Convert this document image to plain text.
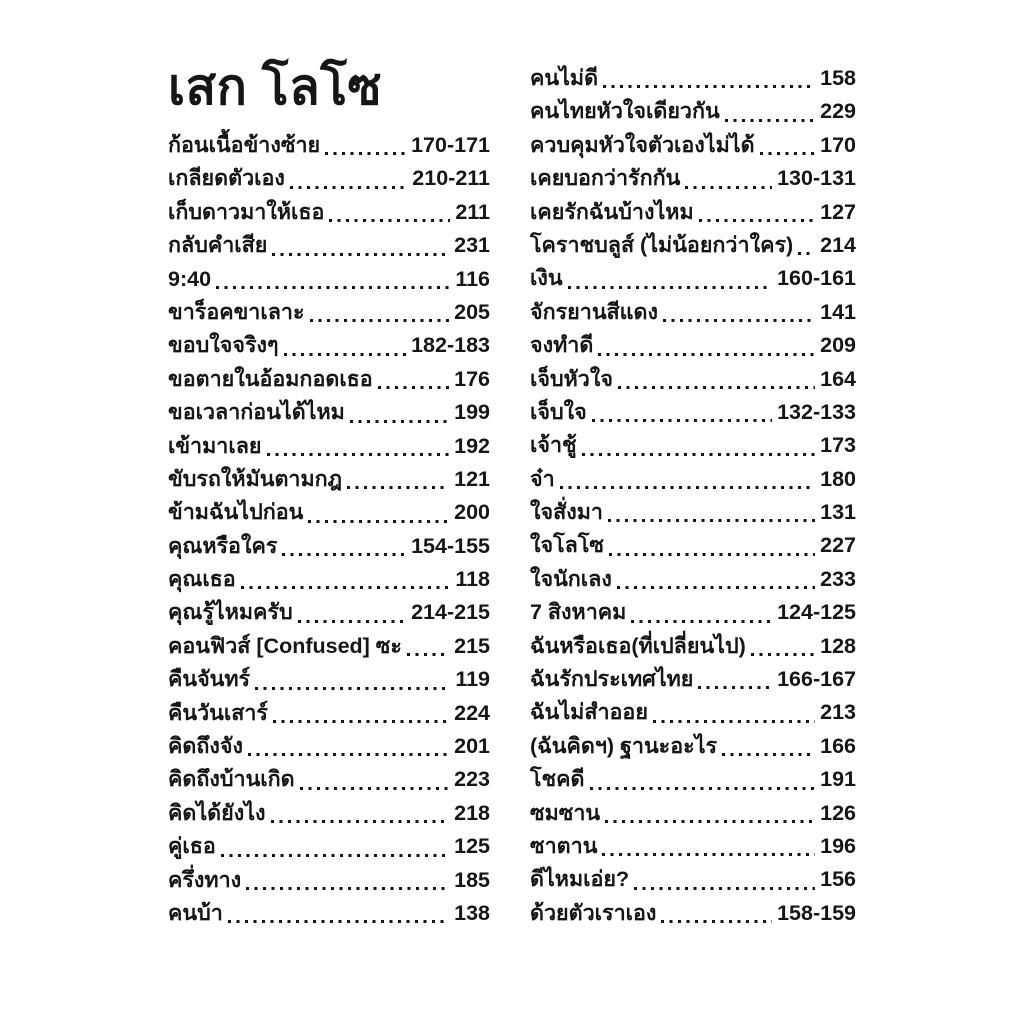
เสก โลโซ
ก้อนเนื้อข้างซ้าย	170-171
เกลียดตัวเอง	210-211
เก็บดาวมาให้เธอ	211
กลับคำเสีย	231
9:40	116
ขาร็อคขาเลาะ	205
ขอบใจจริงๆ	182-183
ขอตายในอ้อมกอดเธอ	176
ขอเวลาก่อนได้ไหม	199
เข้ามาเลย	192
ขับรถให้มันตามกฎ	121
ข้ามฉันไปก่อน	200
คุณหรือใคร	154-155
คุณเธอ	118
คุณรู้ไหมครับ	214-215
คอนฟิวส์ [Confused] ซะ 215
คืนจันทร์	119
คืนวันเสาร์	224
คิดถึงจัง	201
คิดถึงบ้านเกิด	223
คิดได้ยังไง	218
คู่เธอ	125
ครึ่งทาง	185
คนบ้า	138
คนไม่ดี	158
คนไทยหัวใจเดียวกัน	229
ควบคุมหัวใจตัวเองไม่ได้	170
เคยบอกว่ารักกัน	130-131
เคยรักฉันบ้างไหม	127
โคราชบลูส์ (ไม่น้อยกว่าใคร) 214
เงิน	160-161
จักรยานสีแดง	141
จงทำดี	209
เจ็บหัวใจ	164
เจ็บใจ	132-133
เจ้าชู้	173
จ๋า	180
ใจสั่งมา	131
ใจโลโซ	227
ใจนักเลง	233
7 สิงหาคม	124-125
ฉันหรือเธอ(ที่เปลี่ยนไป)	128
ฉันรักประเทศไทย	166-167
ฉันไม่สำออย	213
(ฉันคิดฯ) ฐานะอะไร	166
โชคดี	191
ซมซาน	126
ซาตาน	196
ดีไหมเอ่ย?	156
ด้วยตัวเราเอง	158-159
